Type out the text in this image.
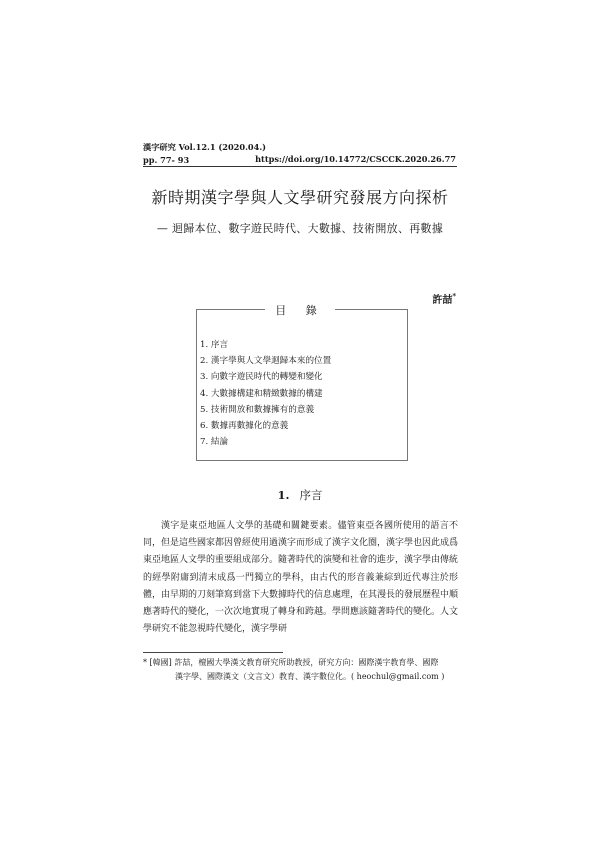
漢字研究 Vol.12.1 (2020.04.)
pp. 77- 93	https://doi.org/10.14772/CSCCK.2020.26.77
新時期漢字學與人文學研究發展方向探析
— 迴歸本位、數字遊民時代、大數據、技術開放、再數據
許喆*
目 錄
1. 序言
2. 漢字學與人文學迴歸本來的位置
3. 向數字遊民時代的轉變和變化
4. 大數據構建和精緻數據的構建
5. 技術開放和數據擁有的意義
6. 數據再數據化的意義
7. 結論
1. 序言

漢字是東亞地區人文學的基礎和關鍵要素。儘管東亞各國所使用的語言不同，但是這些國家都因曾經使用過漢字而形成了漢字文化圈，漢字學也因此成爲東亞地區人文學的重要組成部分。隨著時代的演變和社會的進步，漢字學由傳統的經學附庸到清末成爲一門獨立的學科，由古代的形音義兼綜到近代專注於形體，由早期的刀刻筆寫到當下大數據時代的信息處理，在其漫長的發展歷程中順應著時代的變化，一次次地實現了轉身和跨越。學問應該隨著時代的變化。人文學研究不能忽視時代變化，漢字學研

* [韓國] 許喆，檀國大學漢文教育研究所助教授，研究方向：國際漢字教育學、國際
漢字學、國際漢文（文言文）教育、漢字數位化。( heochul@gmail.com )
